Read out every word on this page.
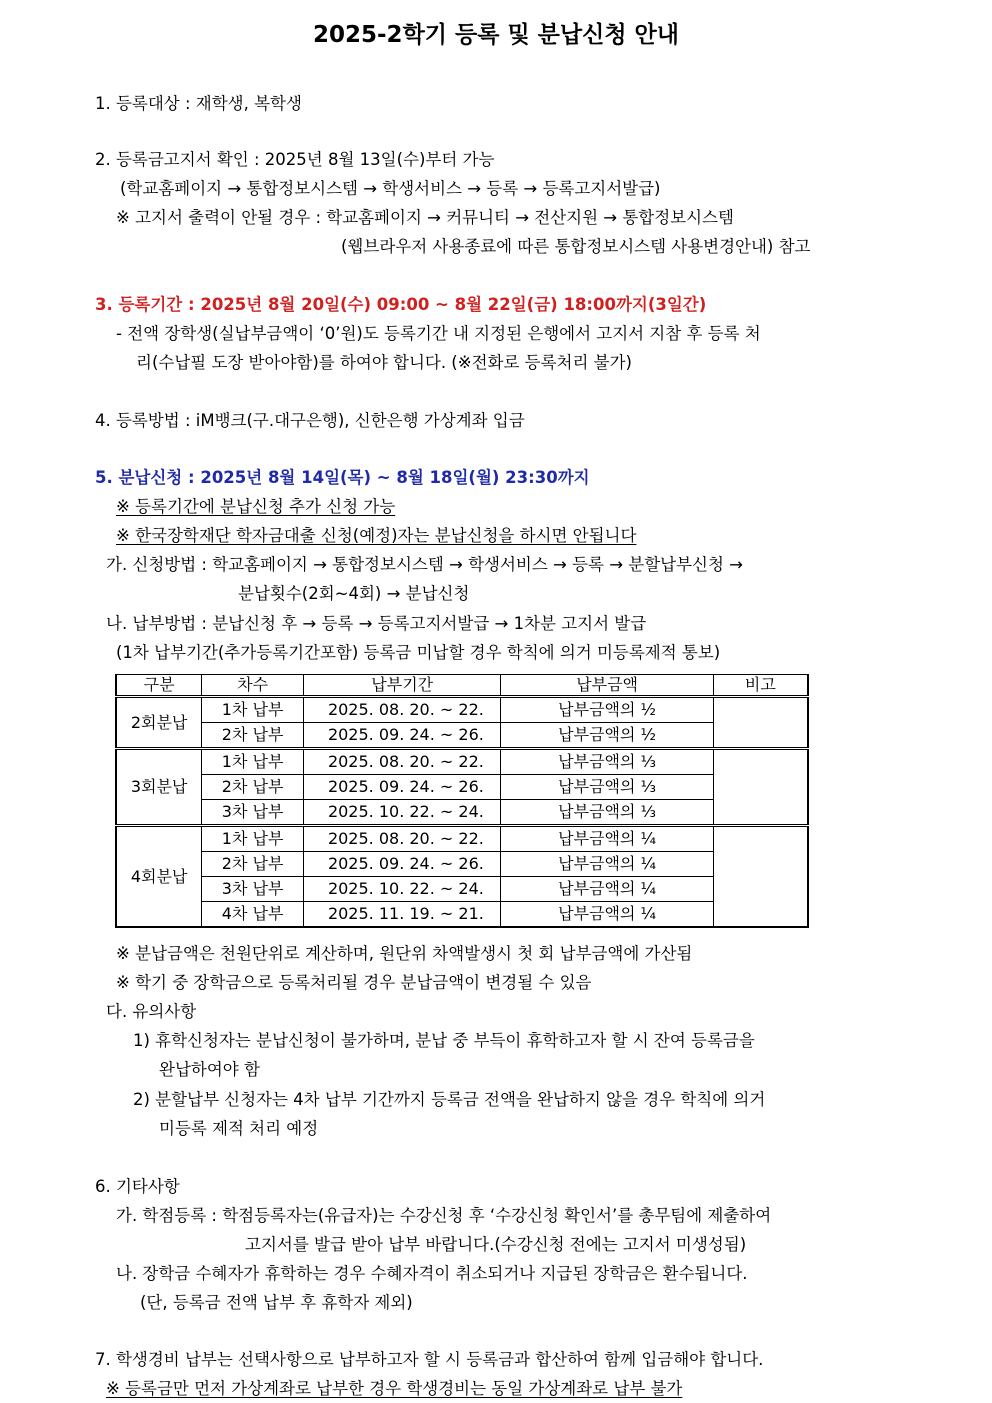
2025-2학기 등록 및 분납신청 안내
1. 등록대상 : 재학생, 복학생
2. 등록금고지서 확인 : 2025년 8월 13일(수)부터 가능
(학교홈페이지 → 통합정보시스템 → 학생서비스 → 등록 → 등록고지서발급)
※ 고지서 출력이 안될 경우 : 학교홈페이지 → 커뮤니티 → 전산지원 → 통합정보시스템
(웹브라우저 사용종료에 따른 통합정보시스템 사용변경안내) 참고
3. 등록기간 : 2025년 8월 20일(수) 09:00 ~ 8월 22일(금) 18:00까지(3일간)
- 전액 장학생(실납부금액이 ‘0’원)도 등록기간 내 지정된 은행에서 고지서 지참 후 등록 처
리(수납필 도장 받아야함)를 하여야 합니다. (※전화로 등록처리 불가)
4. 등록방법 : iM뱅크(구.대구은행), 신한은행 가상계좌 입금
5. 분납신청 : 2025년 8월 14일(목) ~ 8월 18일(월) 23:30까지
※ 등록기간에 분납신청 추가 신청 가능
※ 한국장학재단 학자금대출 신청(예정)자는 분납신청을 하시면 안됩니다
가. 신청방법 : 학교홈페이지 → 통합정보시스템 → 학생서비스 → 등록 → 분할납부신청 →
분납횟수(2회~4회) → 분납신청
나. 납부방법 : 분납신청 후 → 등록 → 등록고지서발급 → 1차분 고지서 발급
(1차 납부기간(추가등록기간포함) 등록금 미납할 경우 학칙에 의거 미등록제적 통보)
구분	차수	납부기간	납부금액	비고
2회분납	1차 납부	2025. 08. 20. ~ 22.	납부금액의 ½	
	2차 납부	2025. 09. 24. ~ 26.	납부금액의 ½	
3회분납	1차 납부	2025. 08. 20. ~ 22.	납부금액의 ⅓	
	2차 납부	2025. 09. 24. ~ 26.	납부금액의 ⅓	
	3차 납부	2025. 10. 22. ~ 24.	납부금액의 ⅓	
4회분납	1차 납부	2025. 08. 20. ~ 22.	납부금액의 ¼	
	2차 납부	2025. 09. 24. ~ 26.	납부금액의 ¼	
	3차 납부	2025. 10. 22. ~ 24.	납부금액의 ¼	
	4차 납부	2025. 11. 19. ~ 21.	납부금액의 ¼	
※ 분납금액은 천원단위로 계산하며, 원단위 차액발생시 첫 회 납부금액에 가산됨
※ 학기 중 장학금으로 등록처리될 경우 분납금액이 변경될 수 있음
다. 유의사항
1) 휴학신청자는 분납신청이 불가하며, 분납 중 부득이 휴학하고자 할 시 잔여 등록금을
완납하여야 함
2) 분할납부 신청자는 4차 납부 기간까지 등록금 전액을 완납하지 않을 경우 학칙에 의거
미등록 제적 처리 예정
6. 기타사항
가. 학점등록 : 학점등록자는(유급자)는 수강신청 후 ‘수강신청 확인서’를 총무팀에 제출하여
고지서를 발급 받아 납부 바랍니다.(수강신청 전에는 고지서 미생성됨)
나. 장학금 수혜자가 휴학하는 경우 수혜자격이 취소되거나 지급된 장학금은 환수됩니다.
(단, 등록금 전액 납부 후 휴학자 제외)
7. 학생경비 납부는 선택사항으로 납부하고자 할 시 등록금과 합산하여 함께 입금해야 합니다.
※ 등록금만 먼저 가상계좌로 납부한 경우 학생경비는 동일 가상계좌로 납부 불가
